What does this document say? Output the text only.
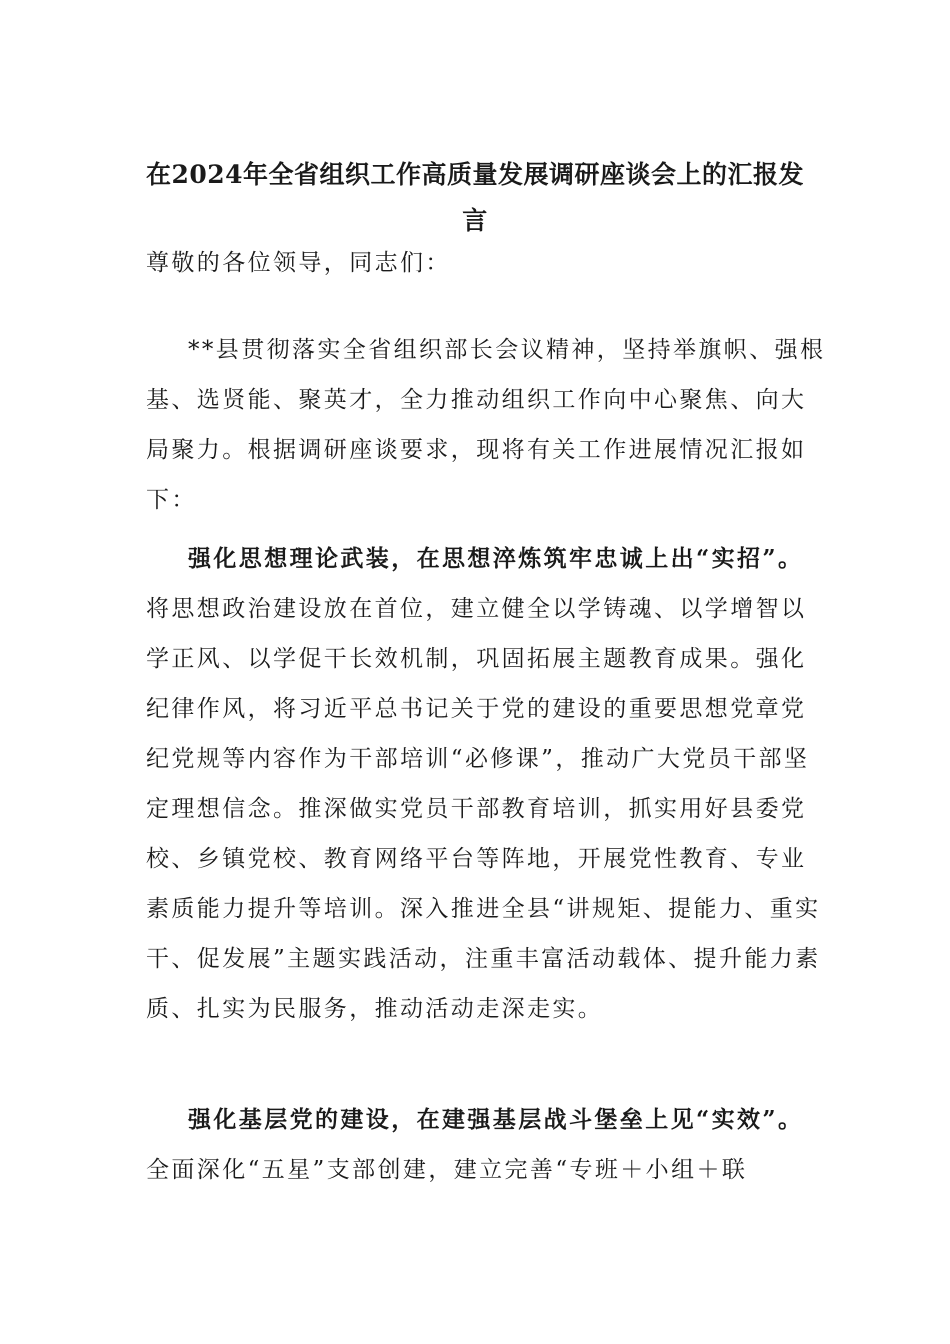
在2024年全省组织工作高质量发展调研座谈会上的汇报发言

尊敬的各位领导，同志们：

**县贯彻落实全省组织部长会议精神，坚持举旗帜、强根基、选贤能、聚英才，全力推动组织工作向中心聚焦、向大局聚力。根据调研座谈要求，现将有关工作进展情况汇报如下：

强化思想理论武装，在思想淬炼筑牢忠诚上出“实招”。将思想政治建设放在首位，建立健全以学铸魂、以学增智以学正风、以学促干长效机制，巩固拓展主题教育成果。强化纪律作风，将习近平总书记关于党的建设的重要思想党章党纪党规等内容作为干部培训“必修课”，推动广大党员干部坚定理想信念。推深做实党员干部教育培训，抓实用好县委党校、乡镇党校、教育网络平台等阵地，开展党性教育、专业素质能力提升等培训。深入推进全县“讲规矩、提能力、重实干、促发展”主题实践活动，注重丰富活动载体、提升能力素质、扎实为民服务，推动活动走深走实。

强化基层党的建设，在建强基层战斗堡垒上见“实效”。全面深化“五星”支部创建，建立完善“专班＋小组＋联
